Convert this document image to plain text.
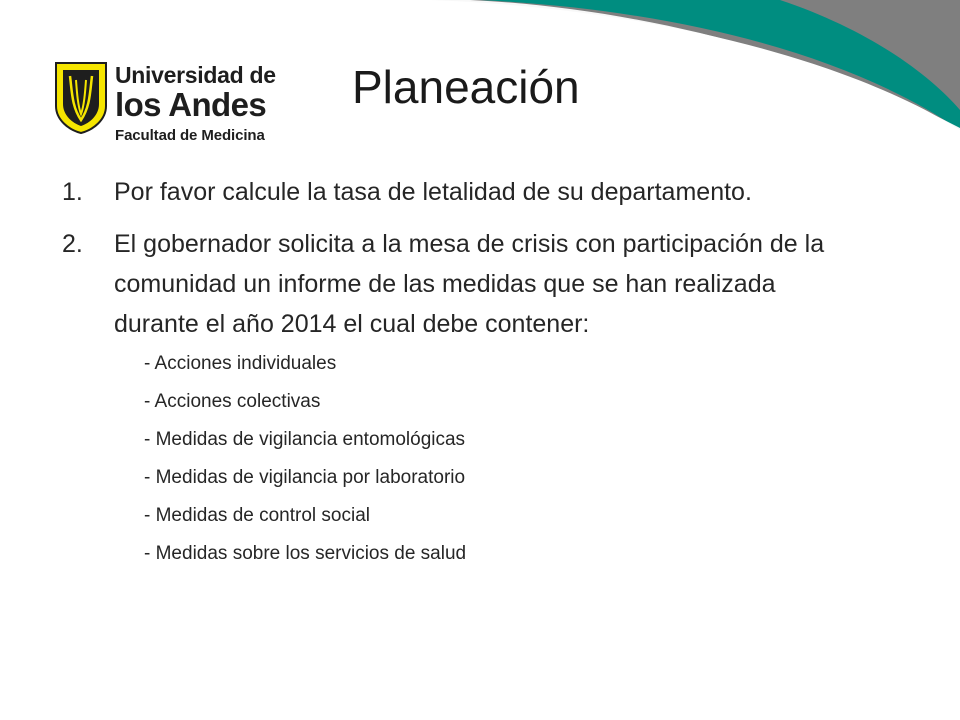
Universidad de
los Andes
Facultad de Medicina
Planeación
1. Por favor calcule la tasa de letalidad de su departamento.
2. El gobernador solicita a la mesa de crisis con participación de la comunidad un informe de las medidas que se han realizada durante el año 2014 el cual debe contener:
- Acciones individuales
- Acciones colectivas
- Medidas de vigilancia entomológicas
- Medidas de vigilancia por laboratorio
- Medidas de control social
- Medidas sobre los servicios de salud
